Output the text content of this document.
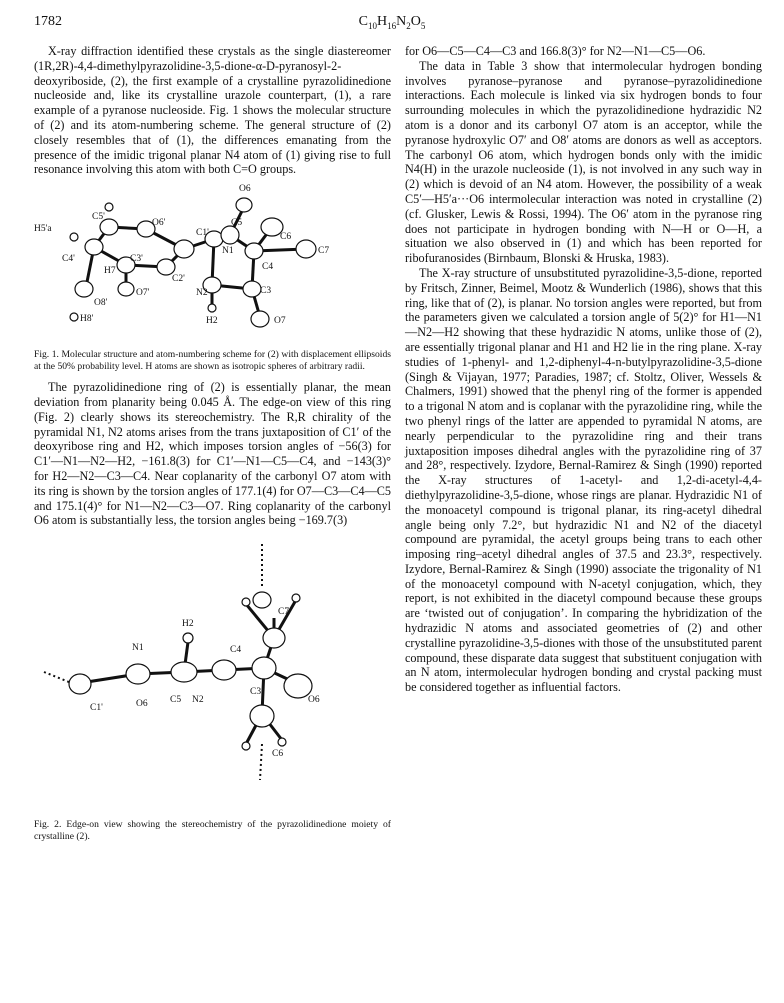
1782	$C_{10}H_{16}N_2O_5$

X-ray diffraction identified these crystals as the single diastereomer (1R,2R)-4,4-dimethylpyrazolidine-3,5-dione-α-D-pyranosyl-2-deoxyriboside, (2), the first example of a crystalline pyrazolidinedione nucleoside and, like its crystalline urazole counterpart, (1), a rare example of a pyranose nucleoside. Fig. 1 shows the molecular structure of (2) and its atom-numbering scheme. The general structure of (2) closely resembles that of (1), the differences emanating from the presence of the imidic trigonal planar N4 atom of (1) giving rise to full resonance involving this atom with both C=O groups.

O6
C5'
C5
C6
H5'a
O6'
C1'
N1	C7
C4'
H7
C3'
C4
O7'
C2'
N2	C3
O8'
H8'	H2	O7
Fig. 1. Molecular structure and atom-numbering scheme for (2) with displacement ellipsoids at the 50% probability level. H atoms are shown as isotropic spheres of arbitrary radii.

The pyrazolidinedione ring of (2) is essentially planar, the mean deviation from planarity being 0.045 Å. The edge-on view of this ring (Fig. 2) clearly shows its stereochemistry. The R,R chirality of the pyramidal N1, N2 atoms arises from the trans juxtaposition of C1′ of the deoxyribose ring and H2, which imposes torsion angles of −56(3) for C1′—N1—N2—H2, −161.8(3) for C1′—N1—C5—C4, and −143(3)° for H2—N2—C3—C4. Near coplanarity of the carbonyl O7 atom with its ring is shown by the torsion angles of 177.1(4) for O7—C3—C4—C5 and 175.1(4)° for N1—N2—C3—O7. Ring coplanarity of the carbonyl O6 atom is substantially less, the torsion angles being −169.7(3)

H2
N1
C7
C4
C1'	O6 C5 N2
C3
O6
C6
Fig. 2. Edge-on view showing the stereochemistry of the pyrazolidinedione moiety of crystalline (2).

for O6—C5—C4—C3 and 166.8(3)° for N2—N1—C5—O6.

The data in Table 3 show that intermolecular hydrogen bonding involves pyranose–pyranose and pyranose–pyrazolidinedione interactions. Each molecule is linked via six hydrogen bonds to four surrounding molecules in which the pyrazolidinedione hydrazidic N2 atom is a donor and its carbonyl O7 atom is an acceptor, while the pyranose hydroxylic O7′ and O8′ atoms are donors as well as acceptors. The carbonyl O6 atom, which hydrogen bonds only with the imidic N4(H) in the urazole nucleoside (1), is not involved in any such way in (2) which is devoid of an N4 atom. However, the possibility of a weak C5′—H5′a···O6 intermolecular interaction was noted in crystalline (2) (cf. Glusker, Lewis & Rossi, 1994). The O6′ atom in the pyranose ring does not participate in hydrogen bonding with N—H or O—H, a situation we also observed in (1) and which has been reported for ribofuranosides (Birnbaum, Blonski & Hruska, 1983).

The X-ray structure of unsubstituted pyrazolidine-3,5-dione, reported by Fritsch, Zinner, Beimel, Mootz & Wunderlich (1986), shows that this ring, like that of (2), is planar. No torsion angles were reported, but from the parameters given we calculated a torsion angle of 5(2)° for H1—N1—N2—H2 showing that these hydrazidic N atoms, unlike those of (2), are essentially trigonal planar and H1 and H2 lie in the ring plane. X-ray studies of 1-phenyl- and 1,2-diphenyl-4-n-butylpyrazolidine-3,5-dione (Singh & Vijayan, 1977; Paradies, 1987; cf. Stoltz, Oliver, Wessels & Chalmers, 1991) showed that the phenyl ring of the former is appended to a trigonal N atom and is coplanar with the pyrazolidine ring, while the two phenyl rings of the latter are appended to pyramidal N atoms, are nearly perpendicular to the pyrazolidine ring and their trans juxtaposition imposes dihedral angles with the pyrazolidine ring of 37 and 28°, respectively. Izydore, Bernal-Ramirez & Singh (1990) reported the X-ray structures of 1-acetyl- and 1,2-di-acetyl-4,4-diethylpyrazolidine-3,5-dione, whose rings are planar. Hydrazidic N1 of the monoacetyl compound is trigonal planar, its ring-acetyl dihedral angle being only 7.2°, but hydrazidic N1 and N2 of the diacetyl compound are pyramidal, the acetyl groups being trans to each other imposing ring–acetyl dihedral angles of 37.5 and 23.3°, respectively. Izydore, Bernal-Ramirez & Singh (1990) associate the trigonality of N1 of the monoacetyl compound with N-acetyl conjugation, which, they report, is not exhibited in the diacetyl compound because these groups are ‘twisted out of conjugation’. In comparing the hybridization of the hydrazidic N atoms and associated geometries of (2) and other crystalline pyrazolidine-3,5-diones with those of the unsubstituted parent compound, these disparate data suggest that substituent conjugation with an N atom, intermolecular hydrogen bonding and crystal packing must be considered together as influential factors.
